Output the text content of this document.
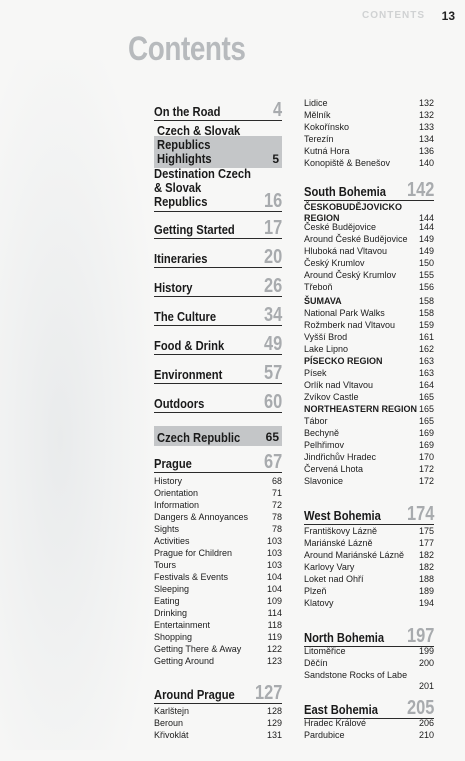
CONTENTS 13
Contents
On the Road	4
Czech & Slovak Republics Highlights	5
Destination Czech & Slovak Republics	16
Getting Started 17
Itineraries	20
History	26
The Culture 34
Food & Drink 49
Environment 57
Outdoors	60
Czech Republic 65
Prague	67
History	68
Orientation	71
Information	72
Dangers & Annoyances	78
Sights	78
Activities	103
Prague for Children	103
Tours	103
Festivals & Events	104
Sleeping	104
Eating	109
Drinking	114
Entertainment	118
Shopping	119
Getting There & Away	122
Getting Around	123
Around Prague 127
Karlštejn	128
Beroun	129
Křivoklát	131
Lidice	132
Mělník	132
Kokořínsko	133
Terezín	134
Kutná Hora	136
Konopiště & Benešov	140
South Bohemia 142
ČESKOBUDĚJOVICKO REGION	144
České Budějovice	144
Around České Budějovice 149
Hluboká nad Vltavou	149
Český Krumlov	150
Around Český Krumlov	155
Třeboň	156
ŠUMAVA	158
National Park Walks	158
Rožmberk nad Vltavou	159
Vyšší Brod	161
Lake Lipno	162
PÍSECKO REGION	163
Písek	163
Orlík nad Vltavou	164
Zvíkov Castle	165
NORTHEASTERN REGION 165
Tábor	165
Bechyně	169
Pelhřimov	169
Jindřichův Hradec	170
Červená Lhota	172
Slavonice	172
West Bohemia 174
Františkovy Lázně	175
Mariánské Lázně	177
Around Mariánské Lázně 182
Karlovy Vary	182
Loket nad Ohří	188
Plzeň	189
Klatovy	194
North Bohemia 197
Litoměřice	199
Děčín	200
Sandstone Rocks of Labe
201
East Bohemia 205
Hradec Králové	206
Pardubice	210
